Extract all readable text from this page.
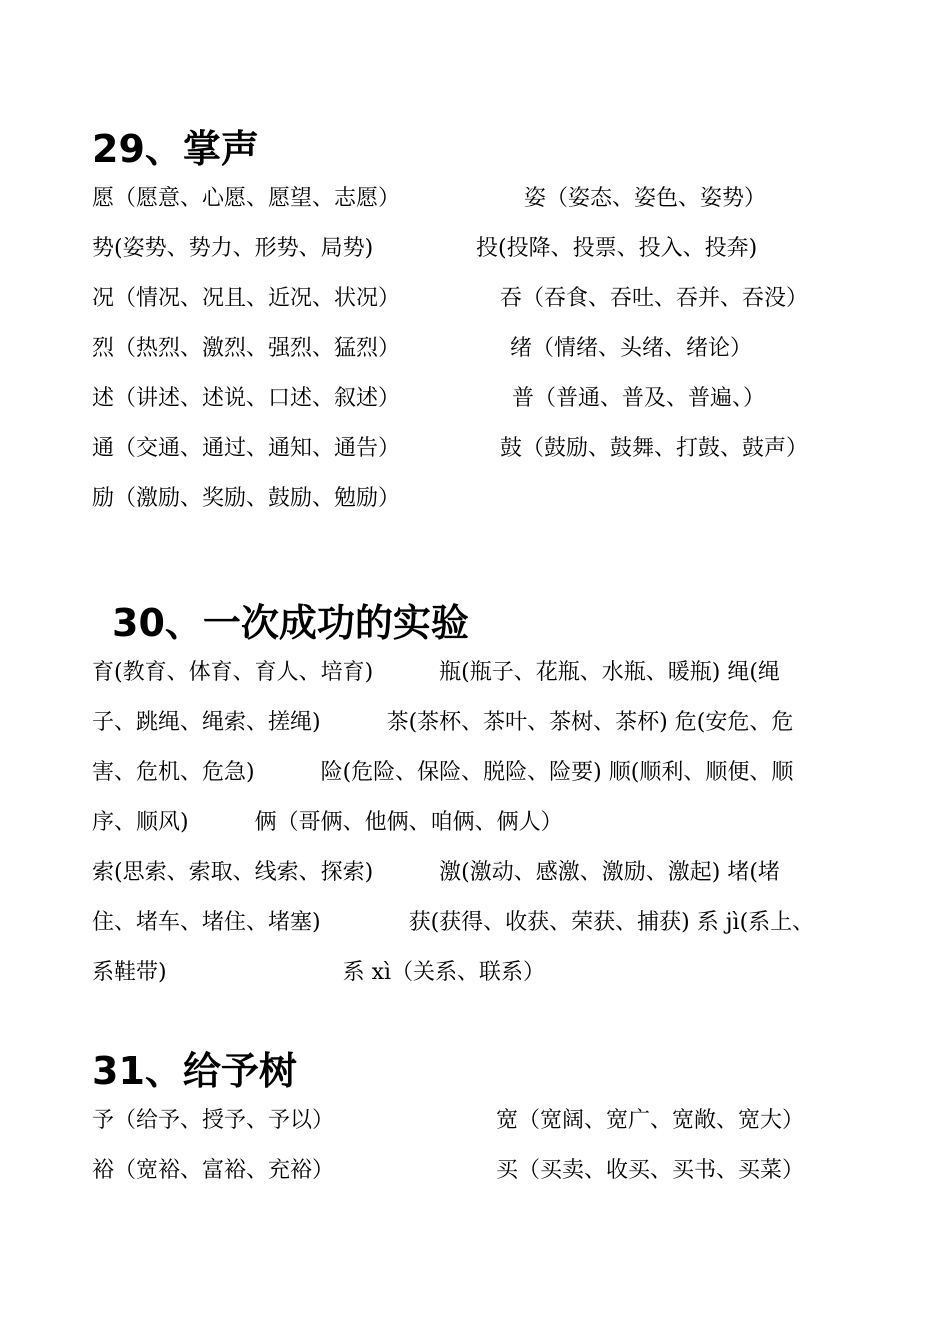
29、掌声
愿（愿意、心愿、愿望、志愿）	姿（姿态、姿色、姿势）
势(姿势、势力、形势、局势)	投(投降、投票、投入、投奔)
况（情况、况且、近况、状况）	吞（吞食、吞吐、吞并、吞没）
烈（热烈、激烈、强烈、猛烈）	绪（情绪、头绪、绪论）
述（讲述、述说、口述、叙述）	普（普通、普及、普遍、）
通（交通、通过、通知、通告）	鼓（鼓励、鼓舞、打鼓、鼓声）
励（激励、奖励、鼓励、勉励）
30、一次成功的实验
育(教育、体育、育人、培育)　　　瓶(瓶子、花瓶、水瓶、暖瓶) 绳(绳
子、跳绳、绳索、搓绳)　　　茶(茶杯、茶叶、茶树、茶杯) 危(安危、危
害、危机、危急)　　　险(危险、保险、脱险、险要) 顺(顺利、顺便、顺
序、顺风)　　　俩（哥俩、他俩、咱俩、俩人）
索(思索、索取、线索、探索)　　　激(激动、感激、激励、激起) 堵(堵
住、堵车、堵住、堵塞)　　　　获(获得、收获、荣获、捕获) 系 jì(系上、
系鞋带)　　　　　　　　系 xì（关系、联系）
31、给予树
予（给予、授予、予以）	宽（宽阔、宽广、宽敞、宽大）
裕（宽裕、富裕、充裕）	买（买卖、收买、买书、买菜）
